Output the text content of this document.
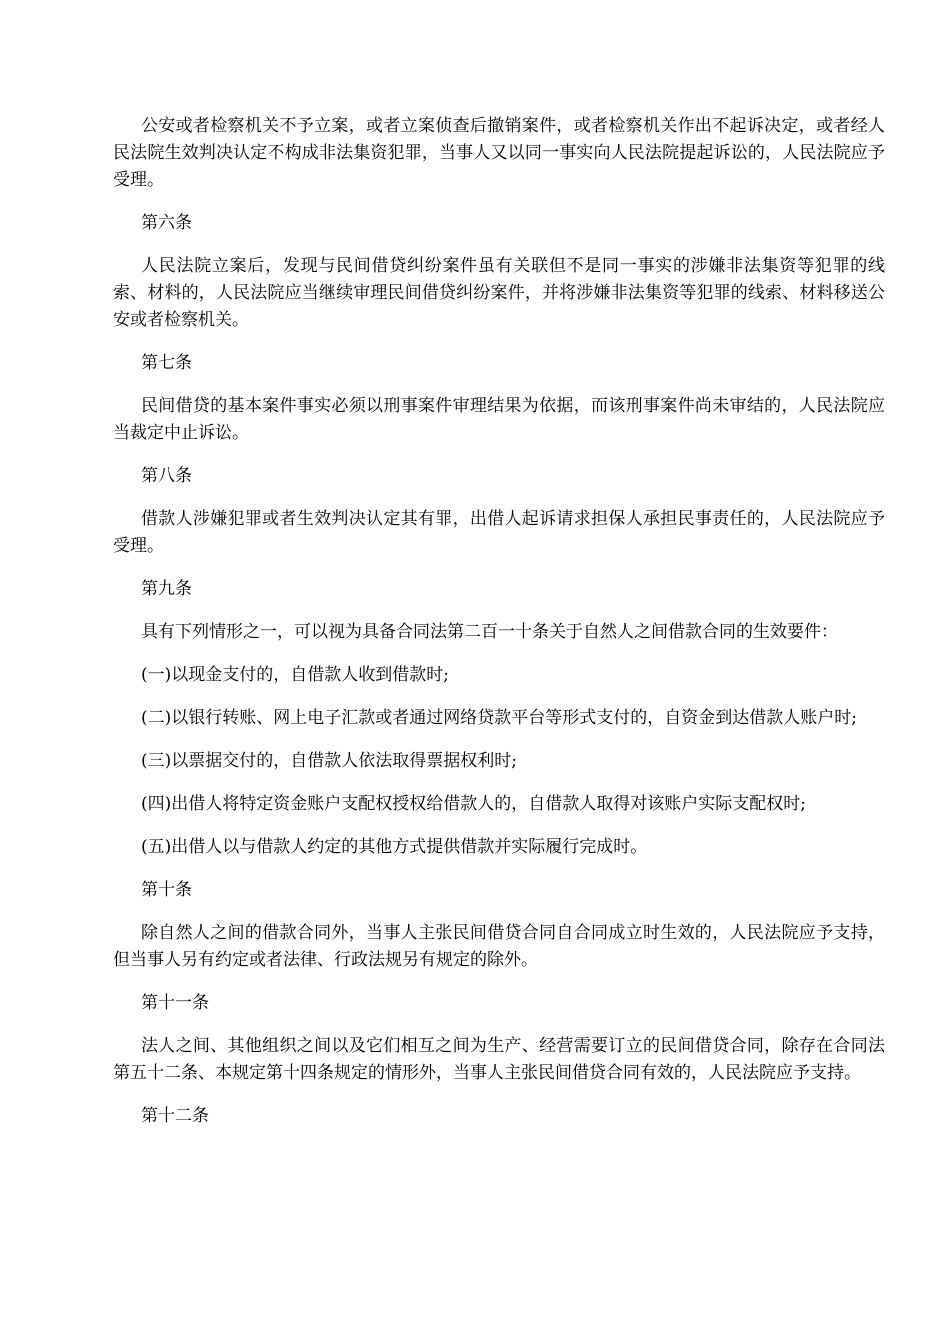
公安或者检察机关不予立案，或者立案侦查后撤销案件，或者检察机关作出不起诉决定，或者经人民法院生效判决认定不构成非法集资犯罪，当事人又以同一事实向人民法院提起诉讼的，人民法院应予受理。

第六条

人民法院立案后，发现与民间借贷纠纷案件虽有关联但不是同一事实的涉嫌非法集资等犯罪的线索、材料的，人民法院应当继续审理民间借贷纠纷案件，并将涉嫌非法集资等犯罪的线索、材料移送公安或者检察机关。

第七条

民间借贷的基本案件事实必须以刑事案件审理结果为依据，而该刑事案件尚未审结的，人民法院应当裁定中止诉讼。

第八条

借款人涉嫌犯罪或者生效判决认定其有罪，出借人起诉请求担保人承担民事责任的，人民法院应予受理。

第九条

具有下列情形之一，可以视为具备合同法第二百一十条关于自然人之间借款合同的生效要件：

(一)以现金支付的，自借款人收到借款时;

(二)以银行转账、网上电子汇款或者通过网络贷款平台等形式支付的，自资金到达借款人账户时;

(三)以票据交付的，自借款人依法取得票据权利时;

(四)出借人将特定资金账户支配权授权给借款人的，自借款人取得对该账户实际支配权时;

(五)出借人以与借款人约定的其他方式提供借款并实际履行完成时。

第十条

除自然人之间的借款合同外，当事人主张民间借贷合同自合同成立时生效的，人民法院应予支持，但当事人另有约定或者法律、行政法规另有规定的除外。

第十一条

法人之间、其他组织之间以及它们相互之间为生产、经营需要订立的民间借贷合同，除存在合同法第五十二条、本规定第十四条规定的情形外，当事人主张民间借贷合同有效的，人民法院应予支持。

第十二条
